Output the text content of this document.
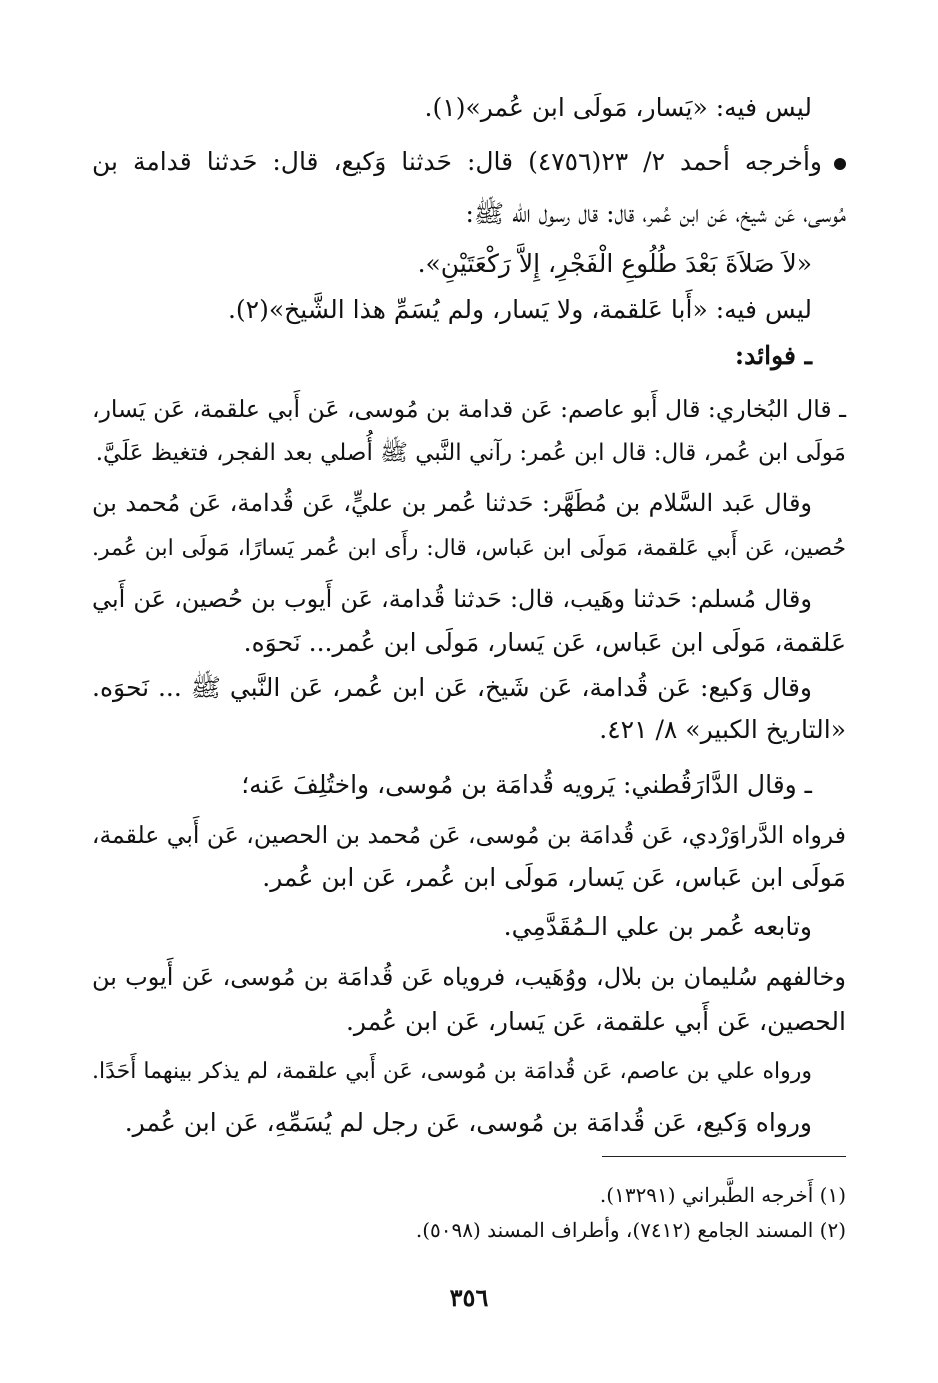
ليس فيه: «يَسار، مَولَى ابن عُمر»(١).
وأخرجه أحمد ٢/ ٢٣(٤٧٥٦) قال: حَدثنا وَكيع، قال: حَدثنا قدامة بن
مُوسى، عَن شيخ، عَن ابن عُمر، قال: قال رسول الله ﷺ:
«لاَ صَلاَةَ بَعْدَ طُلُوعِ الْفَجْرِ، إِلاَّ رَكْعَتَيْنِ».
ليس فيه: «أَبا عَلقمة، ولا يَسار، ولم يُسَمِّ هذا الشَّيخ»(٢).
ـ فوائد:
ـ قال البُخاري: قال أَبو عاصم: عَن قدامة بن مُوسى، عَن أَبي علقمة، عَن يَسار،
مَولَى ابن عُمر، قال: قال ابن عُمر: رآني النَّبي ﷺ أُصلي بعد الفجر، فتغيظ عَلَيَّ.
وقال عَبد السَّلام بن مُطَهَّر: حَدثنا عُمر بن عليٍّ، عَن قُدامة، عَن مُحمد بن
حُصين، عَن أَبي عَلقمة، مَولَى ابن عَباس، قال: رأَى ابن عُمر يَسارًا، مَولَى ابن عُمر.
وقال مُسلم: حَدثنا وهَيب، قال: حَدثنا قُدامة، عَن أَيوب بن حُصين، عَن أَبي
عَلقمة، مَولَى ابن عَباس، عَن يَسار، مَولَى ابن عُمر... نَحوَه.
وقال وَكيع: عَن قُدامة، عَن شَيخ، عَن ابن عُمر، عَن النَّبي ﷺ ... نَحوَه.
«التاريخ الكبير» ٨/ ٤٢١.
ـ وقال الدَّارَقُطني: يَرويه قُدامَة بن مُوسى، واختُلِفَ عَنه؛
فرواه الدَّراوَرْدي، عَن قُدامَة بن مُوسى، عَن مُحمد بن الحصين، عَن أَبي علقمة،
مَولَى ابن عَباس، عَن يَسار، مَولَى ابن عُمر، عَن ابن عُمر.
وتابعه عُمر بن علي الـمُقَدَّمِي.
وخالفهم سُليمان بن بلال، ووُهَيب، فروياه عَن قُدامَة بن مُوسى، عَن أَيوب بن
الحصين، عَن أَبي علقمة، عَن يَسار، عَن ابن عُمر.
ورواه علي بن عاصم، عَن قُدامَة بن مُوسى، عَن أَبي علقمة، لم يذكر بينهما أَحَدًا.
ورواه وَكيع، عَن قُدامَة بن مُوسى، عَن رجل لم يُسَمِّهِ، عَن ابن عُمر.
(١) أَخرجه الطَّبراني (١٣٢٩١).
(٢) المسند الجامع (٧٤١٢)، وأطراف المسند (٥٠٩٨).
٣٥٦
